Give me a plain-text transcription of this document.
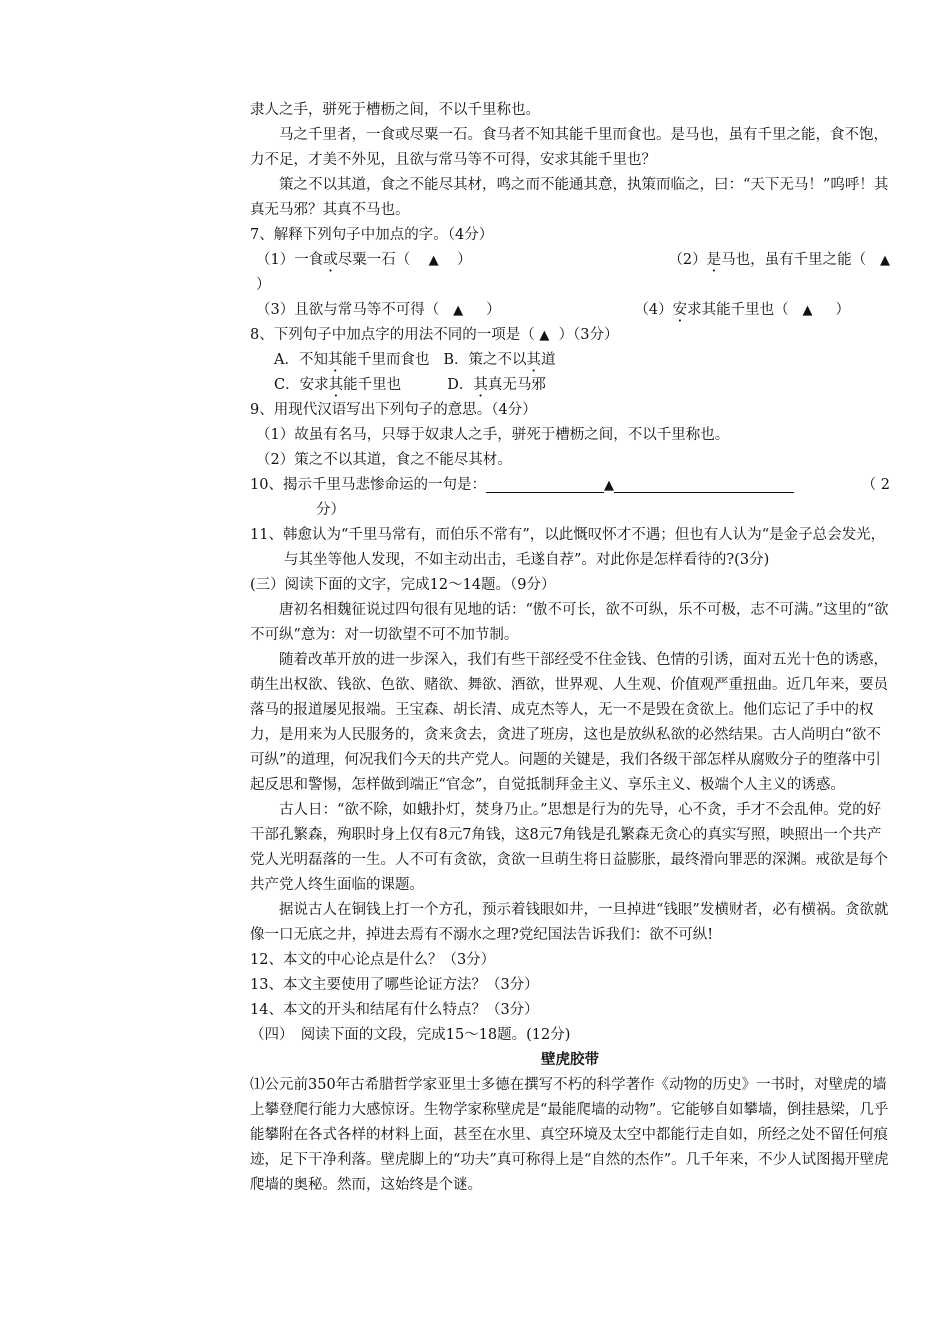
隶人之手，骈死于槽枥之间，不以千里称也。

马之千里者，一食或尽粟一石。食马者不知其能千里而食也。是马也，虽有千里之能，食不饱，力不足，才美不外见，且欲与常马等不可得，安求其能千里也？

策之不以其道，食之不能尽其材，鸣之而不能通其意，执策而临之，曰：“天下无马！”呜呼！其真无马邪？其真不马也。

7、解释下列句子中加点的字。（4分）

（1）一食或尽粟一石（ ▲ ）	（2）是马也，虽有千里之能（ ▲

）

（3）且欲与常马等不可得（ ▲ ）	（4）安求其能千里也（ ▲ ）

8、下列句子中加点字的用法不同的一项是（ ▲ ）（3分）

A．不知其能千里而食也 B．策之不以其道

C．安求其能千里也	D．其真无马邪

9、用现代汉语写出下列句子的意思。（4分）

（1）故虽有名马，只辱于奴隶人之手，骈死于槽枥之间，不以千里称也。

（2）策之不以其道，食之不能尽其材。

10、揭示千里马悲惨命运的一句是：	▲	（ 2

分）

11、韩愈认为“千里马常有，而伯乐不常有”，以此慨叹怀才不遇；但也有人认为“是金子总会发光，与其坐等他人发现，不如主动出击，毛遂自荐”。对此你是怎样看待的?(3分)

(三）阅读下面的文字，完成12～14题。（9分）

唐初名相魏征说过四句很有见地的话：“傲不可长，欲不可纵，乐不可极，志不可满。”这里的“欲不可纵”意为：对一切欲望不可不加节制。

随着改革开放的进一步深入，我们有些干部经受不住金钱、色情的引诱，面对五光十色的诱惑，萌生出权欲、钱欲、色欲、赌欲、舞欲、酒欲，世界观、人生观、价值观严重扭曲。近几年来，要员落马的报道屡见报端。王宝森、胡长清、成克杰等人，无一不是毁在贪欲上。他们忘记了手中的权力，是用来为人民服务的，贪来贪去，贪进了班房，这也是放纵私欲的必然结果。古人尚明白“欲不可纵”的道理，何况我们今天的共产党人。问题的关键是，我们各级干部怎样从腐败分子的堕落中引起反思和警惕，怎样做到端正“官念”，自觉抵制拜金主义、享乐主义、极端个人主义的诱惑。

古人日：“欲不除，如蛾扑灯，焚身乃止。”思想是行为的先导，心不贪，手才不会乱伸。党的好干部孔繁森，殉职时身上仅有8元7角钱，这8元7角钱是孔繁森无贪心的真实写照，映照出一个共产党人光明磊落的一生。人不可有贪欲，贪欲一旦萌生将日益膨胀，最终滑向罪恶的深渊。戒欲是每个共产党人终生面临的课题。

据说古人在铜钱上打一个方孔，预示着钱眼如井，一旦掉进“钱眼”发横财者，必有横祸。贪欲就像一口无底之井，掉进去焉有不溺水之理?党纪国法告诉我们：欲不可纵!

12、本文的中心论点是什么？（3分）

13、本文主要使用了哪些论证方法？（3分）

14、本文的开头和结尾有什么特点？（3分）

（四）　阅读下面的文段，完成15～18题。(12分)

壁虎胶带

⑴公元前350年古希腊哲学家亚里士多德在撰写不朽的科学著作《动物的历史》一书时，对壁虎的墙上攀登爬行能力大感惊讶。生物学家称壁虎是“最能爬墙的动物”。它能够自如攀墙，倒挂悬梁，几乎能攀附在各式各样的材料上面，甚至在水里、真空环境及太空中都能行走自如，所经之处不留任何痕迹，足下干净利落。壁虎脚上的“功夫”真可称得上是“自然的杰作”。几千年来，不少人试图揭开壁虎爬墙的奥秘。然而，这始终是个谜。
